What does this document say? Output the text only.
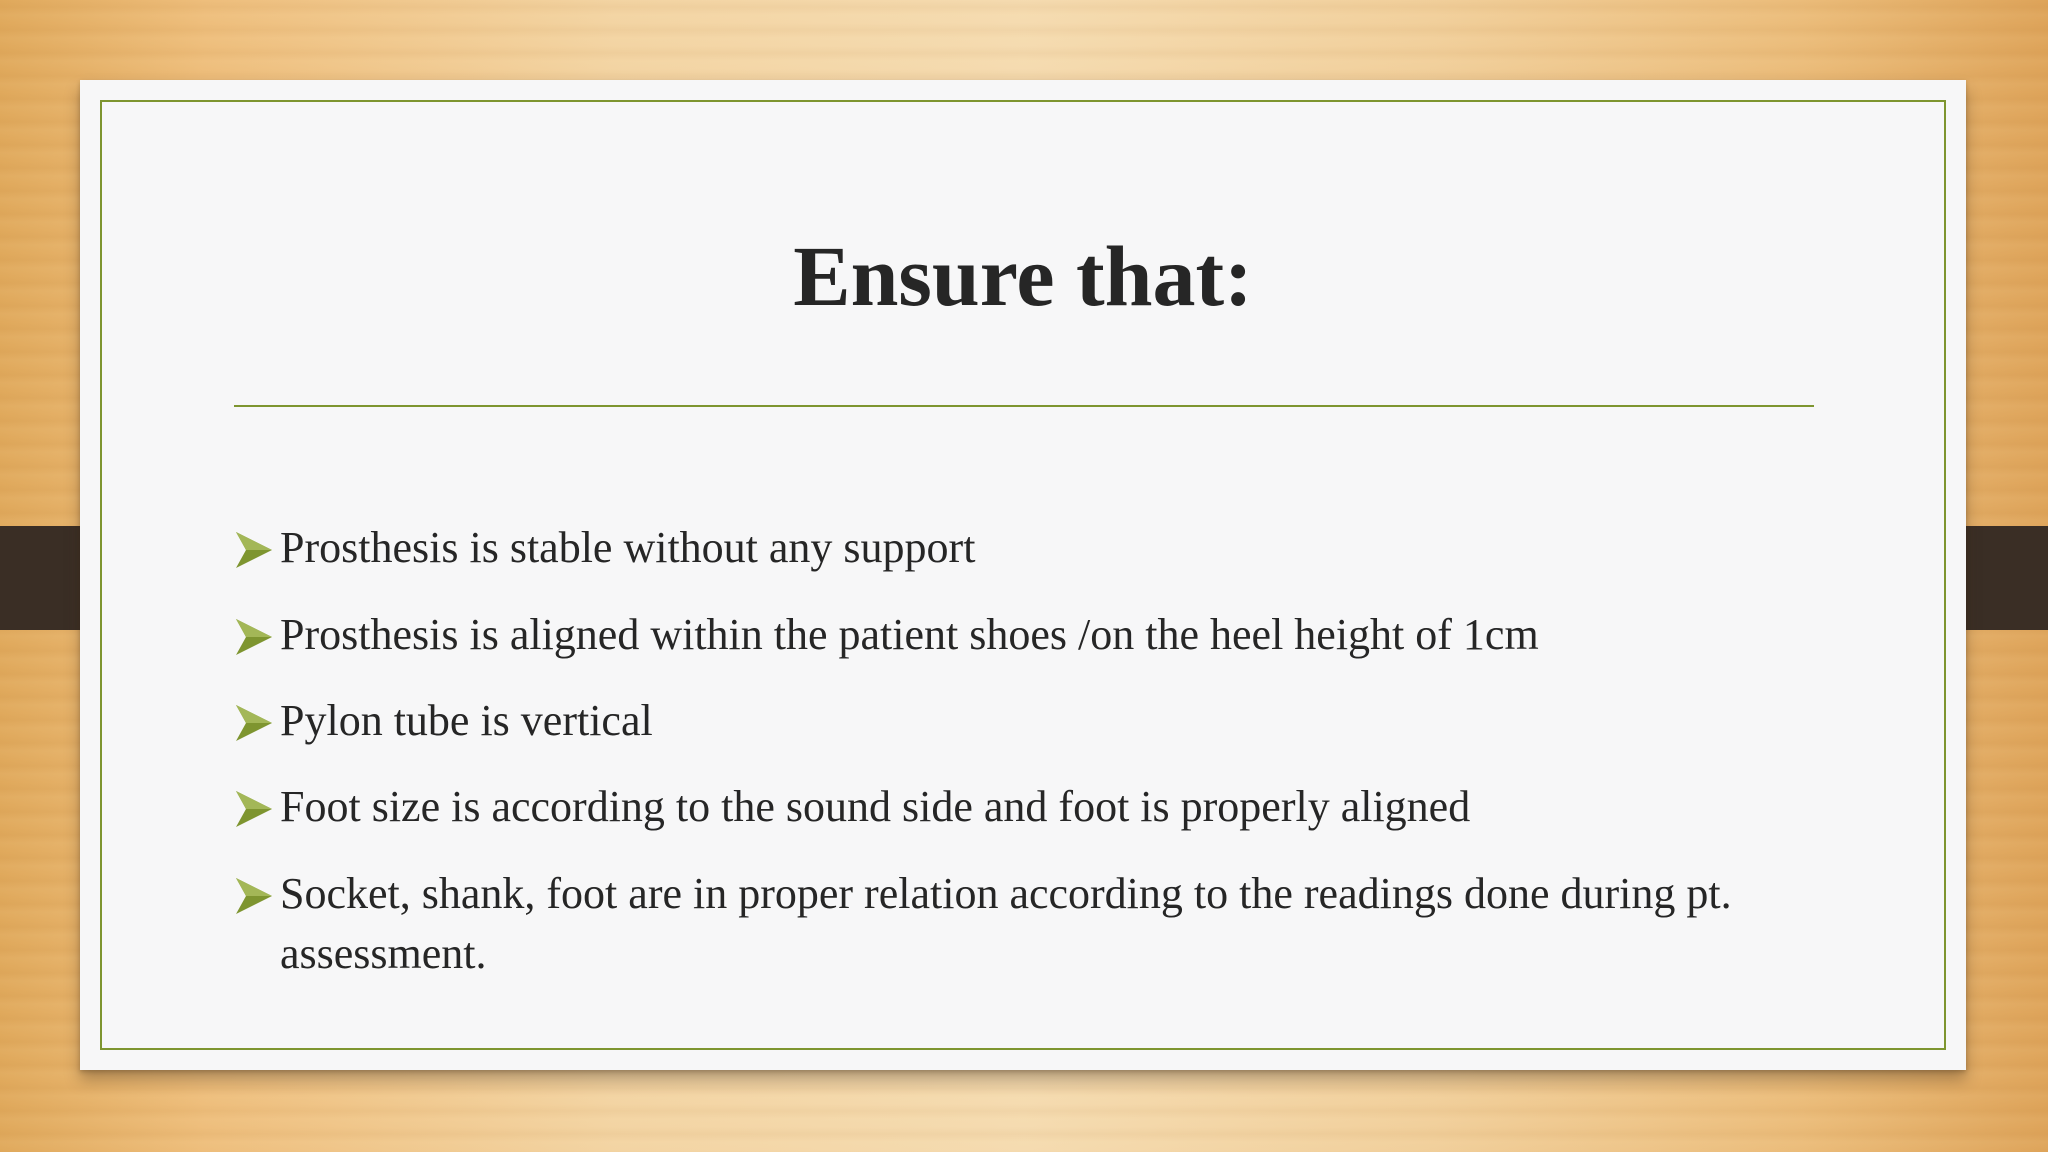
Ensure that:
Prosthesis is stable without any support
Prosthesis is aligned within the patient shoes /on the heel height of 1cm
Pylon tube is vertical
Foot size is according to the sound side and foot is properly aligned
Socket, shank, foot are in proper relation according to the readings done during pt. assessment.
